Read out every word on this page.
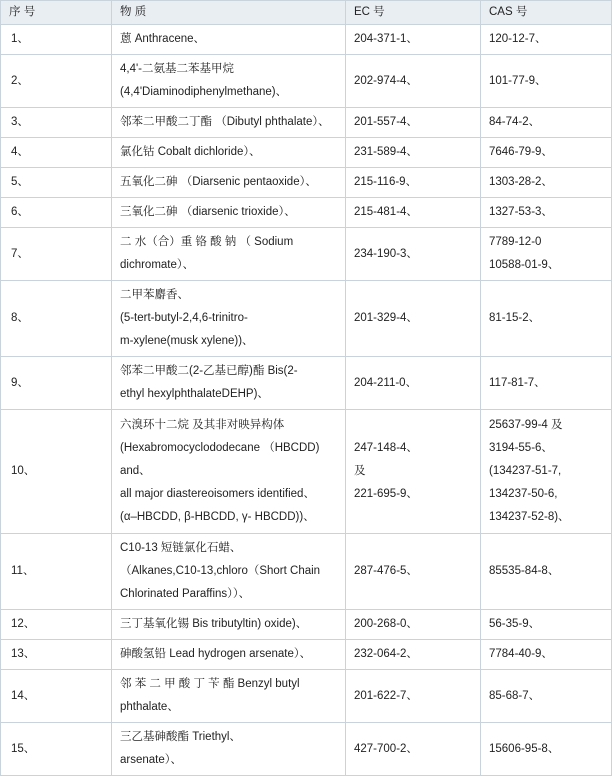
序 号	物 质	EC 号	CAS 号
1、	蒽 Anthracene、	204-371-1、	120-12-7、

2、	4,4'-二氨基二苯基甲烷
(4,4'Diaminodiphenylmethane)、	202-974-4、	101-77-9、

3、	邻苯二甲酸二丁酯 （Dibutyl phthalate）、	201-557-4、	84-74-2、

4、	氯化钴 Cobalt dichloride）、	231-589-4、	7646-79-9、

5、	五氧化二砷 （Diarsenic pentaoxide）、	215-116-9、	1303-28-2、

6、	三氧化二砷 （diarsenic trioxide）、	215-481-4、	1327-53-3、

7、	二 水（合）重 铬 酸 钠 （ Sodium
dichromate）、	234-190-3、	7789-12-0
10588-01-9、

8、	二甲苯麝香、
(5-tert-butyl-2,4,6-trinitro-
m-xylene(musk xylene))、	201-329-4、	81-15-2、

9、	邻苯二甲酸二(2-乙基已醇)酯 Bis(2-
ethyl hexylphthalateDEHP)、	204-211-0、	117-81-7、

10、	六溴环十二烷 及其非对映异构体
(Hexabromocyclododecane （HBCDD)
and、
all major diastereoisomers identified、
(α–HBCDD, β-HBCDD, γ- HBCDD))、	247-148-4、
及
221-695-9、	25637-99-4 及
3194-55-6、
(134237-51-7,
134237-50-6,
134237-52-8)、

11、	C10-13 短链氯化石蜡、
（Alkanes,C10-13,chloro（Short Chain
Chlorinated Paraffins））、	287-476-5、	85535-84-8、

12、	三丁基氧化锡 Bis tributyltin) oxide)、	200-268-0、	56-35-9、

13、	砷酸氢铅 Lead hydrogen arsenate）、	232-064-2、	7784-40-9、

14、	邻 苯 二 甲 酸 丁 苄 酯 Benzyl butyl
phthalate、	201-622-7、	85-68-7、

15、	三乙基砷酸酯 Triethyl、
arsenate）、	427-700-2、	15606-95-8、
